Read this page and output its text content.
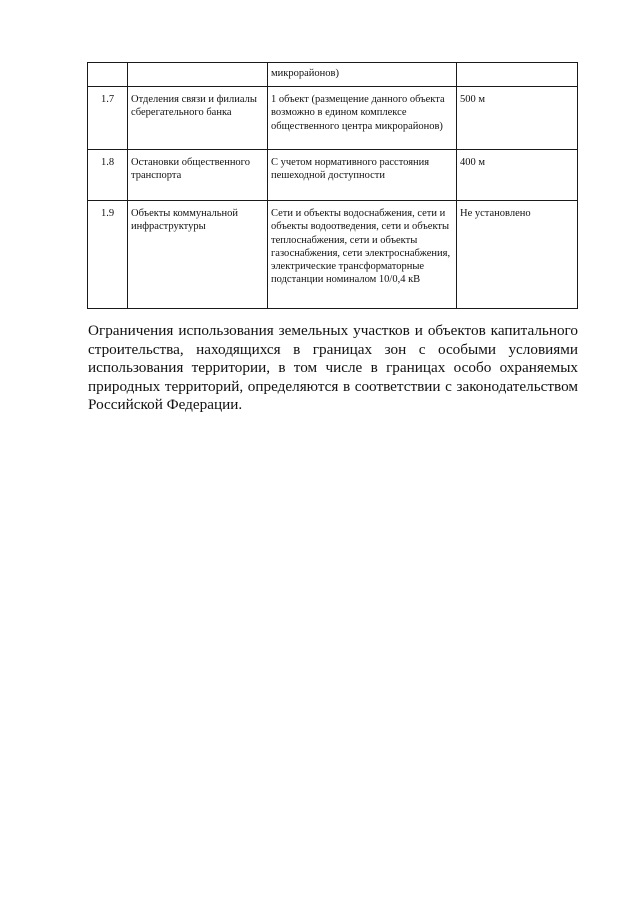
		микрорайонов)	
1.7	Отделения связи и филиалы сберегательного банка	1 объект (размещение данного объекта возможно в едином комплексе общественного центра микрорайонов)	500 м
1.8	Остановки общественного транспорта	С учетом нормативного расстояния пешеходной доступности	400 м
1.9	Объекты коммунальной инфраструктуры	Сети и объекты водоснабжения, сети и объекты водоотведения, сети и объекты теплоснабжения, сети и объекты газоснабжения, сети электроснабжения, электрические трансформаторные подстанции номиналом 10/0,4 кВ	Не установлено

Ограничения использования земельных участков и объектов капитального строительства, находящихся в границах зон с особыми условиями использования территории, в том числе в границах особо охраняемых природных территорий, определяются в соответствии с законодательством Российской Федерации.
